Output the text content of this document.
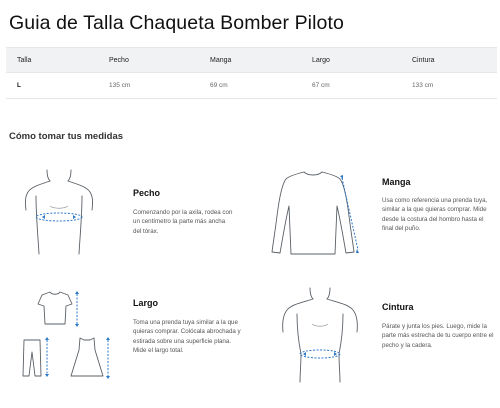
Guia de Talla Chaqueta Bomber Piloto
Talla	Pecho	Manga	Largo	Cintura
L	135 cm	69 cm	67 cm	133 cm
Cómo tomar tus medidas
Pecho
Comenzando por la axila, rodea con un centímetro la parte más ancha del tórax.
Manga
Usa como referencia una prenda tuya, similar a la que quieras comprar. Mide desde la costura del hombro hasta el final del puño.
Largo
Toma una prenda tuya similar a la que quieras comprar. Colócala abrochada y estirada sobre una superficie plana. Mide el largo total.
Cintura
Párate y junta los pies. Luego, mide la parte más estrecha de tu cuerpo entre el pecho y la cadera.
